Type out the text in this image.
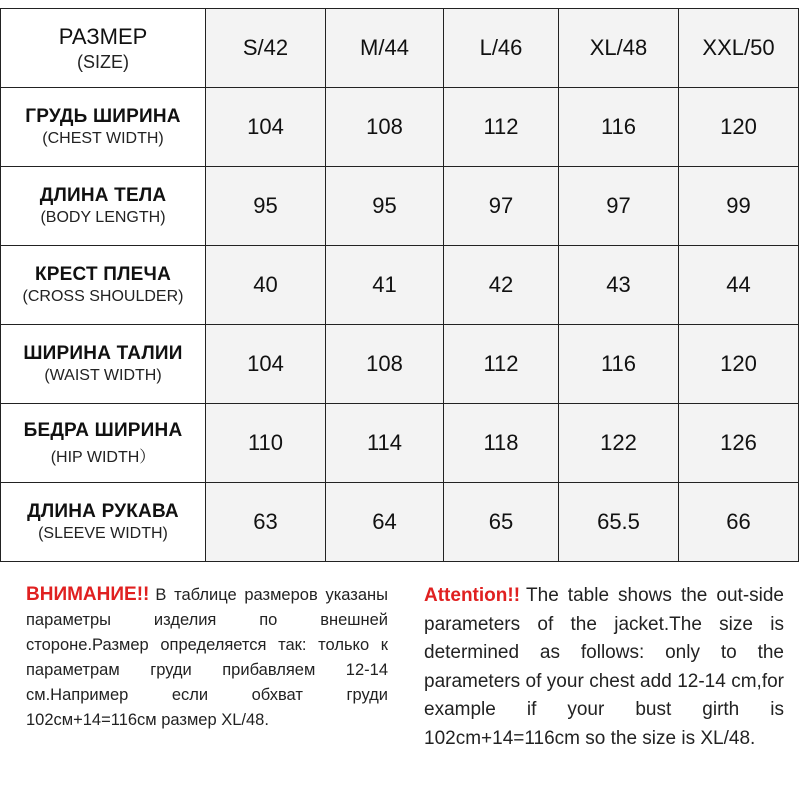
РАЗМЕР
(SIZE)	S/42	M/44	L/46	XL/48	XXL/50

ГРУДЬ ШИРИНА
(CHEST WIDTH)	104	108	112	116	120

ДЛИНА ТЕЛА
(BODY LENGTH)	95	95	97	97	99

КРЕСТ ПЛЕЧА
(CROSS SHOULDER)	40	41	42	43	44

ШИРИНА ТАЛИИ
(WAIST WIDTH)	104	108	112	116	120

БЕДРА ШИРИНА
(HIP WIDTH）	110	114	118	122	126

ДЛИНА РУКАВА
(SLEEVE WIDTH)	63	64	65	65.5	66
ВНИМАНИЕ!! В таблице размеров указаны параметры изделия по внешней стороне.Размер определяется так: только к параметрам груди прибавляем 12-14 см.Например если обхват груди 102см+14=116см размер XL/48.
Attention!! The table shows the out-side parameters of the jacket.The size is determined as follows: only to the parameters of your chest add 12-14 cm,for example if your bust girth is 102cm+14=116cm so the size is XL/48.
